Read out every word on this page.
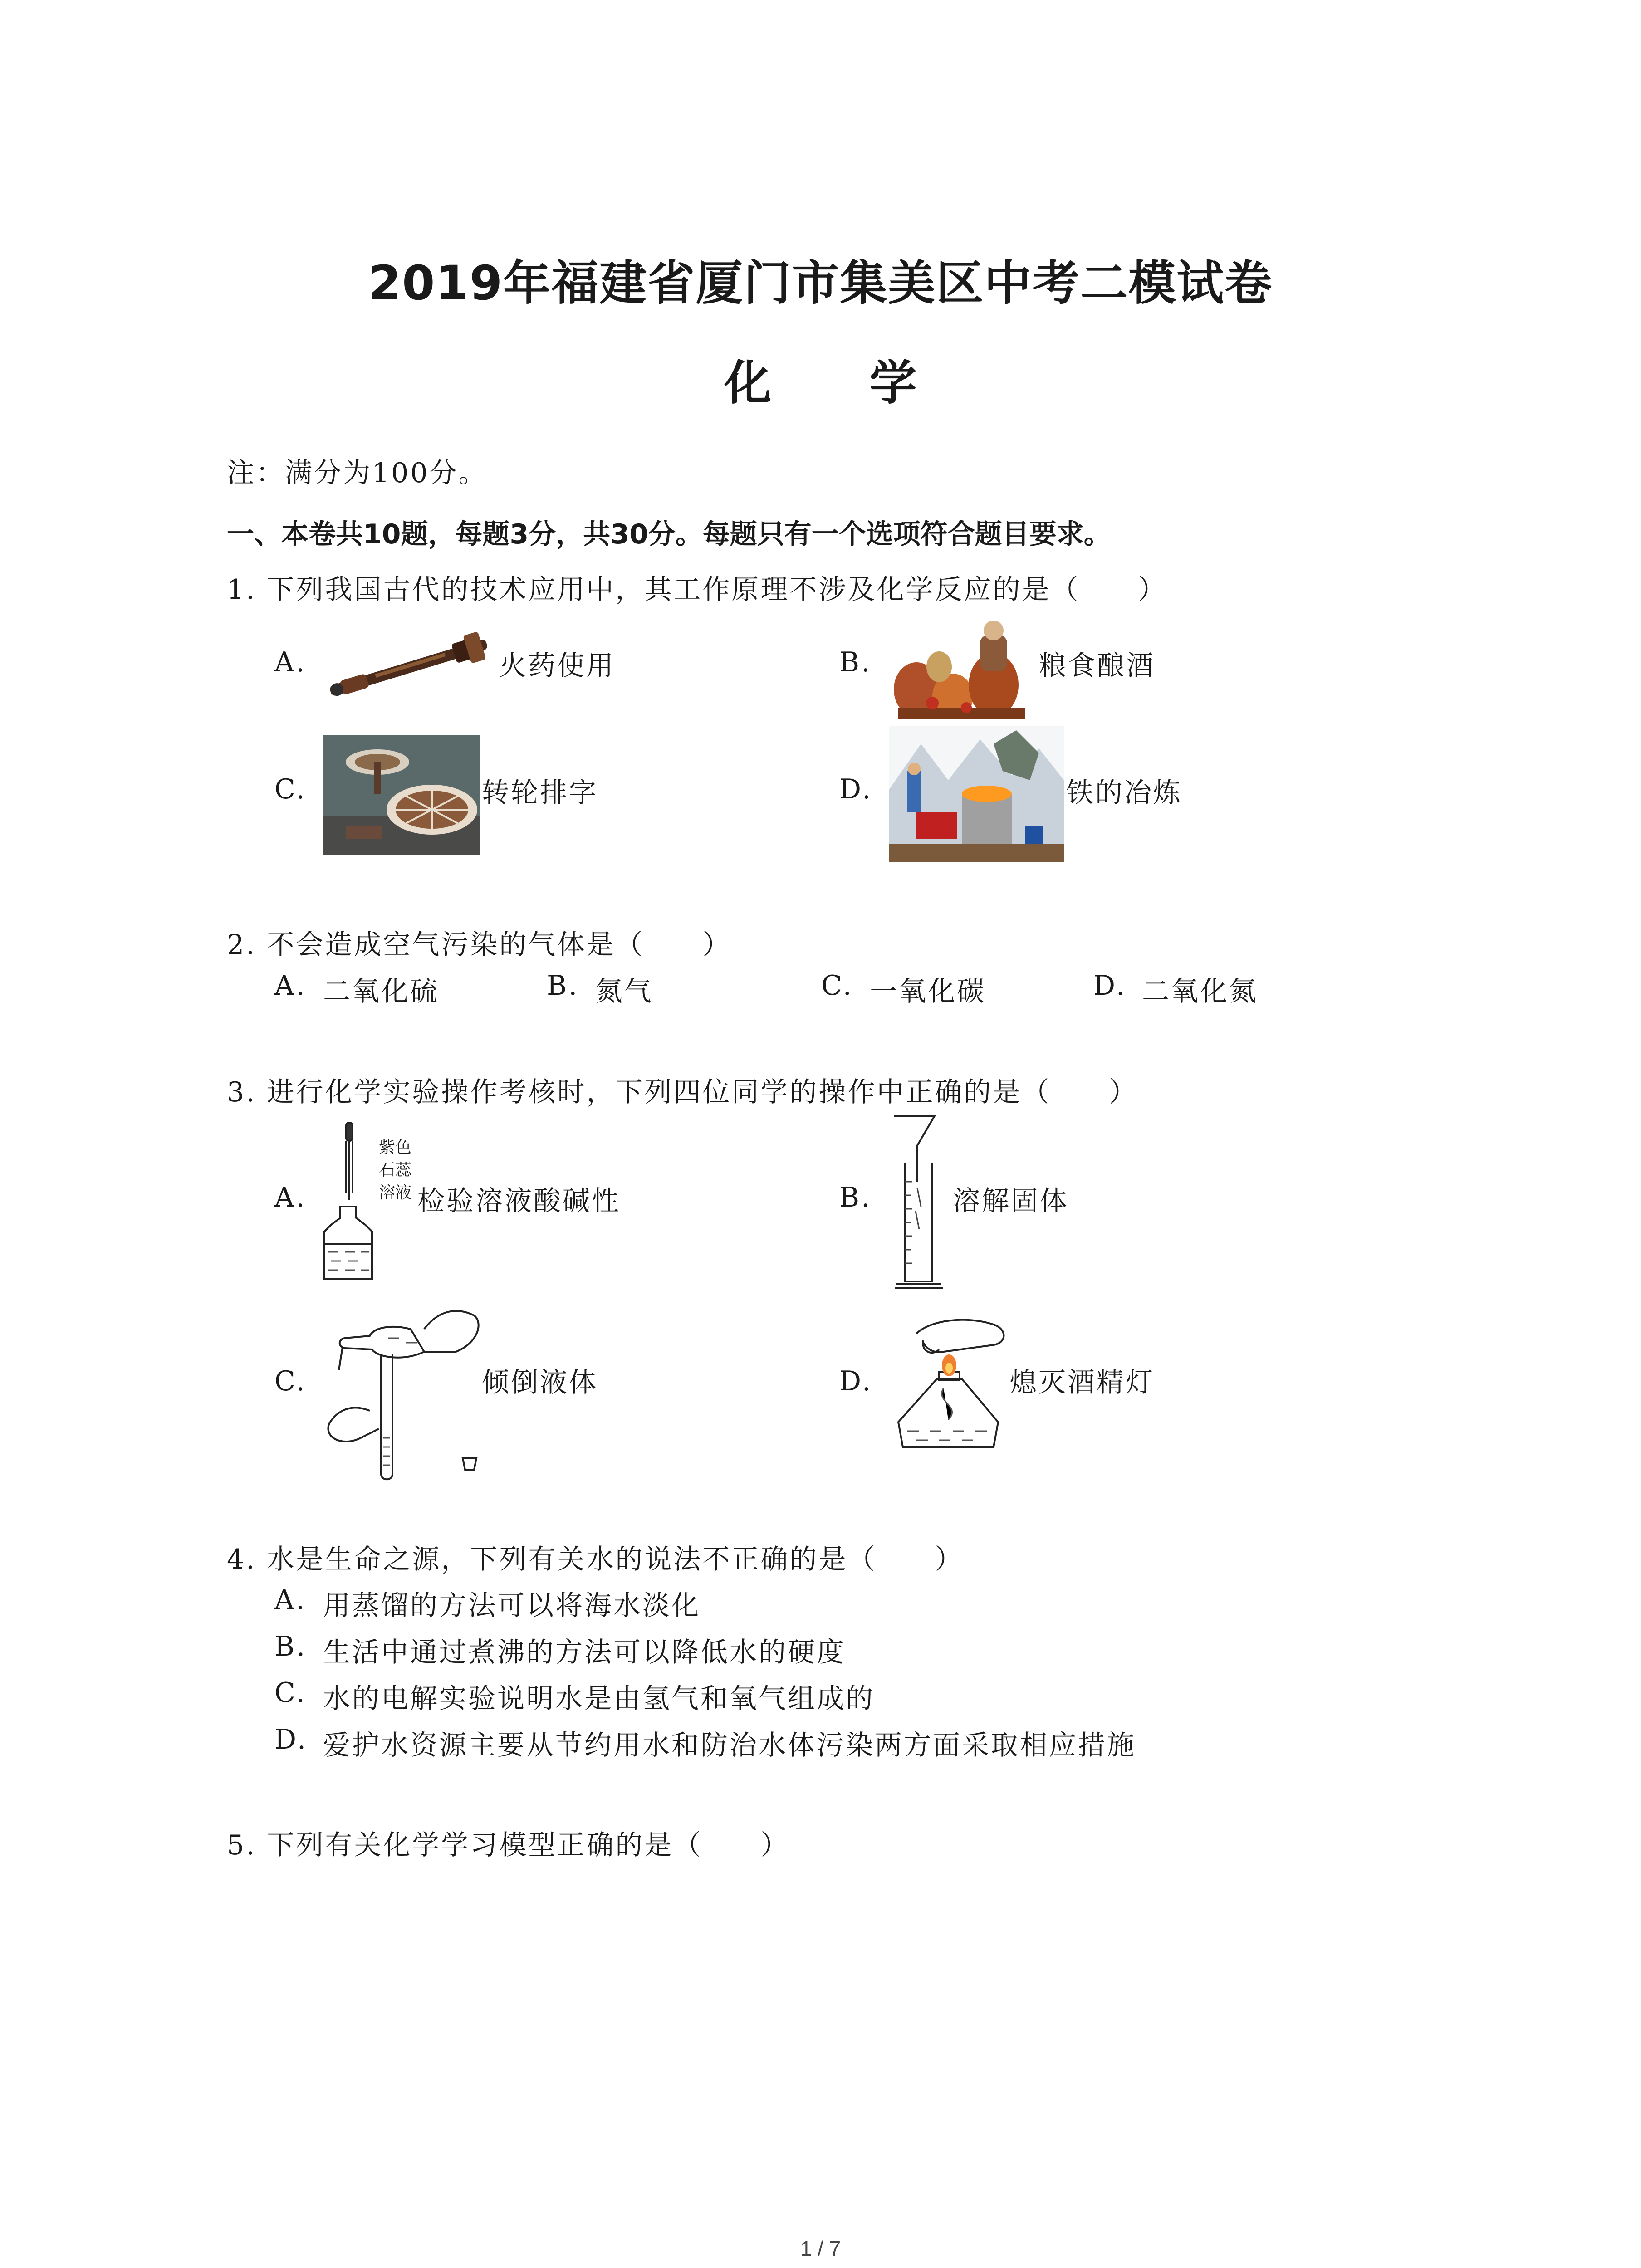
2019年福建省厦门市集美区中考二模试卷
化 学
注：满分为100分。
一、本卷共10题，每题3分，共30分。每题只有一个选项符合题目要求。
1. 下列我国古代的技术应用中，其工作原理不涉及化学反应的是（　　）
A.	火药使用	B.	粮食酿酒
C.	转轮排字	D.	铁的冶炼
2. 不会造成空气污染的气体是（　　）
A. 二氧化硫	B. 氮气	C. 一氧化碳	D. 二氧化氮
3. 进行化学实验操作考核时，下列四位同学的操作中正确的是（　　）
A.
紫色
石蕊
溶液 检验溶液酸碱性	B.	溶解固体
C.	倾倒液体	D.	熄灭酒精灯
4. 水是生命之源，下列有关水的说法不正确的是（　　）
A. 用蒸馏的方法可以将海水淡化
B. 生活中通过煮沸的方法可以降低水的硬度
C. 水的电解实验说明水是由氢气和氧气组成的
D. 爱护水资源主要从节约用水和防治水体污染两方面采取相应措施
5. 下列有关化学学习模型正确的是（　　）
1 / 7
